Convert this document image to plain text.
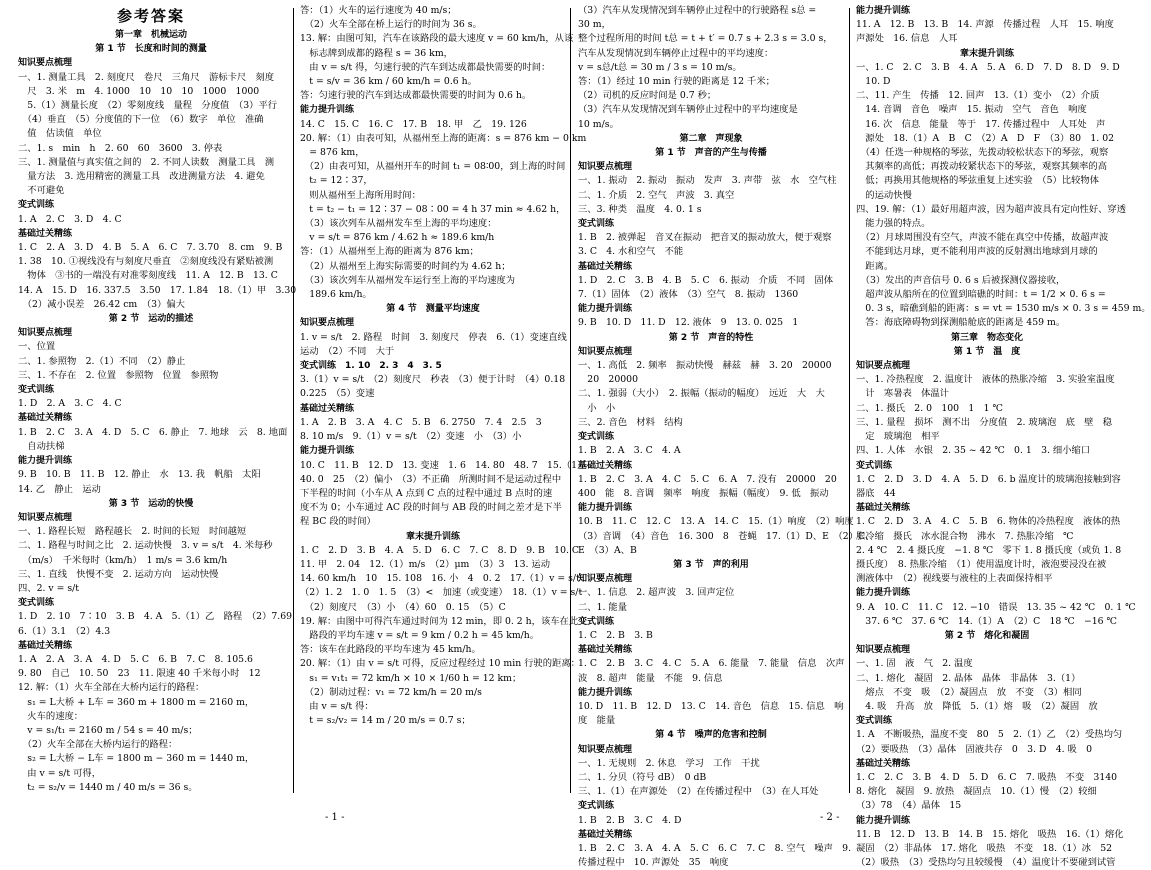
参考答案
第一章　机械运动
第 1 节　长度和时间的测量
知识要点梳理
一、1. 测量工具　2. 刻度尺　卷尺　三角尺　游标卡尺　刻度
　尺　3. 米　m　4. 1000　10　10　10　1000　1000
　5.（1）测量长度　（2）零刻度线　量程　分度值　（3）平行
　（4）垂直　（5）分度值的下一位　（6）数字　单位　准确
　值　估读值　单位
二、1. s　min　h　2. 60　60　3600　3. 停表
三、1. 测量值与真实值之间的　2. 不同人读数　测量工具　测
　量方法　3. 选用精密的测量工具　改进测量方法　4. 避免
　不可避免
变式训练
1. A　2. C　3. D　4. C
基础过关精练
1. C　2. A　3. D　4. B　5. A　6. C　7. 3.70　8. cm　9. B
1. 38　10. ①视线没有与刻度尺垂直　②刻度线没有紧贴被测
　物体　③书的一端没有对准零刻度线　11. A　12. B　13. C
14. A　15. D　16. 337.5　3.50　17. 1.84　18.（1）甲　3.30
　（2）减小误差　26.42 cm　（3）偏大
第 2 节　运动的描述
知识要点梳理
一、位置
二、1. 参照物　2.（1）不同　（2）静止
三、1. 不存在　2. 位置　参照物　位置　参照物
变式训练
1. D　2. A　3. C　4. C
基础过关精练
1. B　2. C　3. A　4. D　5. C　6. 静止　7. 地球　云　8. 地面
　自动扶梯
能力提升训练
9. B　10. B　11. B　12. 静止　水　13. 我　帆船　太阳
14. 乙　静止　运动
第 3 节　运动的快慢
知识要点梳理
一、1. 路程长短　路程越长　2. 时间的长短　时间越短
二、1. 路程与时间之比　2. 运动快慢　3. v = s/t　4. 米每秒
　（m/s）　千米每时（km/h）　1 m/s = 3.6 km/h
三、1. 直线　快慢不变　2. 运动方向　运动快慢
四、2. v = s/t
变式训练
1. D　2. 10　7∶10　3. B　4. A　5.（1）乙　路程　（2）7.69
6.（1）3.1　（2）4.3
基础过关精练
1. A　2. A　3. A　4. D　5. C　6. B　7. C　8. 105.6
9. 80　自己　10. 50　23　11. 限速 40 千米每小时　12
12. 解：（1）火车全部在大桥内运行的路程：
　s₁ = L大桥 + L车 = 360 m + 1800 m = 2160 m，
　火车的速度：
　v = s₁/t₁ = 2160 m / 54 s = 40 m/s；
　（2）火车全部在大桥内运行的路程：
　s₂ = L大桥 − L车 = 1800 m − 360 m = 1440 m，
　由 v = s/t 可得，
　t₂ = s₂/v = 1440 m / 40 m/s = 36 s。
答：（1）火车的运行速度为 40 m/s；
　（2）火车全部在桥上运行的时间为 36 s。
13. 解：由图可知，汽车在该路段的最大速度 v = 60 km/h，从该
　标志牌到成都的路程 s = 36 km，
　由 v = s/t 得，匀速行驶的汽车到达成都最快需要的时间：
　t = s/v = 36 km / 60 km/h = 0.6 h。
答：匀速行驶的汽车到达成都最快需要的时间为 0.6 h。
能力提升训练
14. C　15. C　16. C　17. B　18. 甲　乙　19. 126
20. 解：（1）由表可知，从福州至上海的距离：s = 876 km − 0 km
　= 876 km，
　（2）由表可知，从福州开车的时间 t₁ = 08∶00，到上海的时间
　t₂ = 12∶37，
　则从福州至上海所用时间：
　t = t₂ − t₁ = 12∶37 − 08∶00 = 4 h 37 min ≈ 4.62 h，
　（3）该次列车从福州发车至上海的平均速度：
　v = s/t = 876 km / 4.62 h ≈ 189.6 km/h
答：（1）从福州至上海的距离为 876 km；
　（2）从福州至上海实际需要的时间约为 4.62 h；
　（3）该次列车从福州发车运行至上海的平均速度为
　189.6 km/h。
第 4 节　测量平均速度
知识要点梳理
1. v = s/t　2. 路程　时间　3. 刻度尺　停表　6.（1）变速直线
运动　（2）不同　大于
变式训练　1. 10　2. 3　4　3. 5
3.（1）v = s/t　（2）刻度尺　秒表　（3）便于计时　（4）0.18
0.225　（5）变速
基础过关精练
1. A　2. B　3. A　4. C　5. B　6. 2750　7. 4　2.5　3
8. 10 m/s　9.（1）v = s/t　（2）变速　小　（3）小
能力提升训练
10. C　11. B　12. D　13. 变速　1. 6　14. 80　48. 7　15.（1）
40. 0　25　（2）偏小　（3）不正确　所测时间不是运动过程中
下半程的时间（小车从 A 点到 C 点的过程中通过 B 点时的速
度不为 0；小车通过 AC 段的时间与 AB 段的时间之差才是下半
程 BC 段的时间）
章末提升训练
1. C　2. D　3. B　4. A　5. D　6. C　7. C　8. D　9. B　10. C
11. 甲　2. 04　12.（1）m/s　（2）μm　（3）3　13. 运动
14. 60 km/h　10　15. 108　16. 小　4　0. 2　17.（1）v = s/t
（2）1. 2　1. 0　1. 5　（3）<　加速（或变速）　18.（1）v = s/t
　（2）刻度尺　（3）小　（4）60　0. 15　（5）C
19. 解：由图中可得汽车通过时间为 12 min，即 0. 2 h，该车在此
　路段的平均车速 v = s/t = 9 km / 0.2 h = 45 km/h。
答：该车在此路段的平均车速为 45 km/h。
20. 解：（1）由 v = s/t 可得，反应过程经过 10 min 行驶的距离：
　s₁ = v₁t₁ = 72 km/h × 10 × 1/60 h = 12 km；
　（2）制动过程：v₁ = 72 km/h = 20 m/s
　由 v = s/t 得：
　t = s₂/v₂ = 14 m / 20 m/s = 0.7 s；
（3）汽车从发现情况到车辆停止过程中的行驶路程 s总 =
30 m，
整个过程所用的时间 t总 = t + t′ = 0.7 s + 2.3 s = 3.0 s，
汽车从发现情况到车辆停止过程中的平均速度：
v = s总/t总 = 30 m / 3 s = 10 m/s。
答：（1）经过 10 min 行驶的距离是 12 千米；
（2）司机的反应时间是 0.7 秒；
（3）汽车从发现情况到车辆停止过程中的平均速度是
10 m/s。
第二章　声现象
第 1 节　声音的产生与传播
知识要点梳理
一、1. 振动　2. 振动　振动　发声　3. 声带　弦　水　空气柱
二、1. 介质　2. 空气　声波　3. 真空
三、3. 种类　温度　4. 0. 1 s
变式训练
1. B　2. 被弹起　音叉在振动　把音叉的振动放大，便于观察
3. C　4. 水和空气　不能
基础过关精练
1. D　2. C　3. B　4. B　5. C　6. 振动　介质　不同　固体
7.（1）固体　（2）液体　（3）空气　8. 振动　1360
能力提升训练
9. B　10. D　11. D　12. 液体　9　13. 0. 025　1
第 2 节　声音的特性
知识要点梳理
一、1. 高低　2. 频率　振动快慢　赫兹　赫　3. 20　20000
　20　20000
二、1. 强弱（大小）　2. 振幅（振动的幅度）　远近　大　大
　小　小
三、2. 音色　材料　结构
变式训练
1. B　2. A　3. C　4. A
基础过关精练
1. B　2. C　3. A　4. C　5. C　6. A　7. 没有　20000　20
400　能　8. 音调　频率　响度　振幅（幅度）　9. 低　振动
能力提升训练
10. B　11. C　12. C　13. A　14. C　15.（1）响度　（2）响度
（3）音调　（4）音色　16. 300　8　苍蝇　17.（1）D、E　（2）C、
E　（3）A、B
第 3 节　声的利用
知识要点梳理
一、1. 信息　2. 超声波　3. 回声定位
二、1. 能量
变式训练
1. C　2. B　3. B
基础过关精练
1. C　2. B　3. C　4. C　5. A　6. 能量　7. 能量　信息　次声
波　8. 超声　能量　不能　9. 信息
能力提升训练
10. D　11. B　12. D　13. C　14. 音色　信息　15. 信息　响
度　能量
第 4 节　噪声的危害和控制
知识要点梳理
一、1. 无规则　2. 休息　学习　工作　干扰
二、1. 分贝（符号 dB）　0 dB
三、1.（1）在声源处　（2）在传播过程中　（3）在人耳处
变式训练
1. B　2. B　3. C　4. D
基础过关精练
1. B　2. C　3. A　4. A　5. C　6. C　7. C　8. 空气　噪声　9.
传播过程中　10. 声源处　35　响度
能力提升训练
11. A　12. B　13. B　14. 声源　传播过程　人耳　15. 响度
声源处　16. 信息　人耳
章末提升训练
一、1. C　2. C　3. B　4. A　5. A　6. D　7. D　8. D　9. D
　10. D
二、11. 产生　传播　12. 回声　13.（1）变小　（2）介质
　14. 音调　音色　噪声　15. 振动　空气　音色　响度
　16. 次　信息　能量　等于　17. 传播过程中　人耳处　声
　源处　18.（1）A　B　C　（2）A　D　F　（3）80　1. 02
　（4）任选一种规格的琴弦，先拨动较松状态下的琴弦，观察
　其频率的高低；再拨动较紧状态下的琴弦，观察其频率的高
　低；再换用其他规格的琴弦重复上述实验　（5）比较物体
　的运动快慢
四、19. 解：（1）最好用超声波，因为超声波具有定向性好、穿透
　能力强的特点。
　（2）月球周围没有空气，声波不能在真空中传播，故超声波
　不能到达月球，更不能利用声波的反射测出地球到月球的
　距离。
　（3）发出的声音信号 0. 6 s 后被探测仪器接收，
　超声波从船所在的位置到暗礁的时间：t = 1/2 × 0. 6 s =
　0. 3 s，暗礁到船的距离：s = vt = 1530 m/s × 0. 3 s = 459 m。
　答：海底障碍物到探测船舱底的距离是 459 m。
第三章　物态变化
第 1 节　温　度
知识要点梳理
一、1. 冷热程度　2. 温度计　液体的热胀冷缩　3. 实验室温度
　计　寒暑表　体温计
二、1. 摄氏　2. 0　100　1　1 ℃
三、1. 量程　损坏　测不出　分度值　2. 玻璃泡　底　壁　稳
　定　玻璃泡　相平
四、1. 人体　水银　2. 35 ~ 42 ℃　0. 1　3. 细小缩口
变式训练
1. C　2. D　3. D　4. A　5. D　6. b 温度计的玻璃泡接触到容
器底　44
基础过关精练
1. C　2. D　3. A　4. C　5. B　6. 物体的冷热程度　液体的热
胀冷缩　摄氏　冰水混合物　沸水　7. 热胀冷缩　℃
2. 4 ℃　2. 4 摄氏度　−1. 8 ℃　零下 1. 8 摄氏度（或负 1. 8
摄氏度）　8. 热胀冷缩　（1）使用温度计时，液泡要浸没在被
测液体中　（2）视线要与液柱的上表面保持相平
能力提升训练
9. A　10. C　11. C　12. −10　错误　13. 35 ~ 42 ℃　0. 1 ℃
　37. 6 ℃　37. 6 ℃　14.（1）A　（2）C　18 ℃　−16 ℃
第 2 节　熔化和凝固
知识要点梳理
一、1. 固　液　气　2. 温度
二、1. 熔化　凝固　2. 晶体　晶体　非晶体　3.（1）
　熔点　不变　吸　（2）凝固点　放　不变　（3）相同
　4. 吸　升高　放　降低　5.（1）熔　吸　（2）凝固　放
变式训练
1. A　不断吸热，温度不变　80　5　2.（1）乙　（2）受热均匀
（2）要吸热　（3）晶体　固液共存　0　3. D　4. 吸　0
基础过关精练
1. C　2. C　3. B　4. D　5. D　6. C　7. 吸热　不变　3140
8. 熔化　凝固　9. 放热　凝固点　10.（1）慢　（2）较细
（3）78　（4）晶体　15
能力提升训练
11. B　12. D　13. B　14. B　15. 熔化　吸热　16.（1）熔化
凝固　（2）非晶体　17. 熔化　吸热　不变　18.（1）冰　52
（2）吸热　（3）受热均匀且较缓慢　（4）温度计不要碰到试管
- 1 -	- 2 -
